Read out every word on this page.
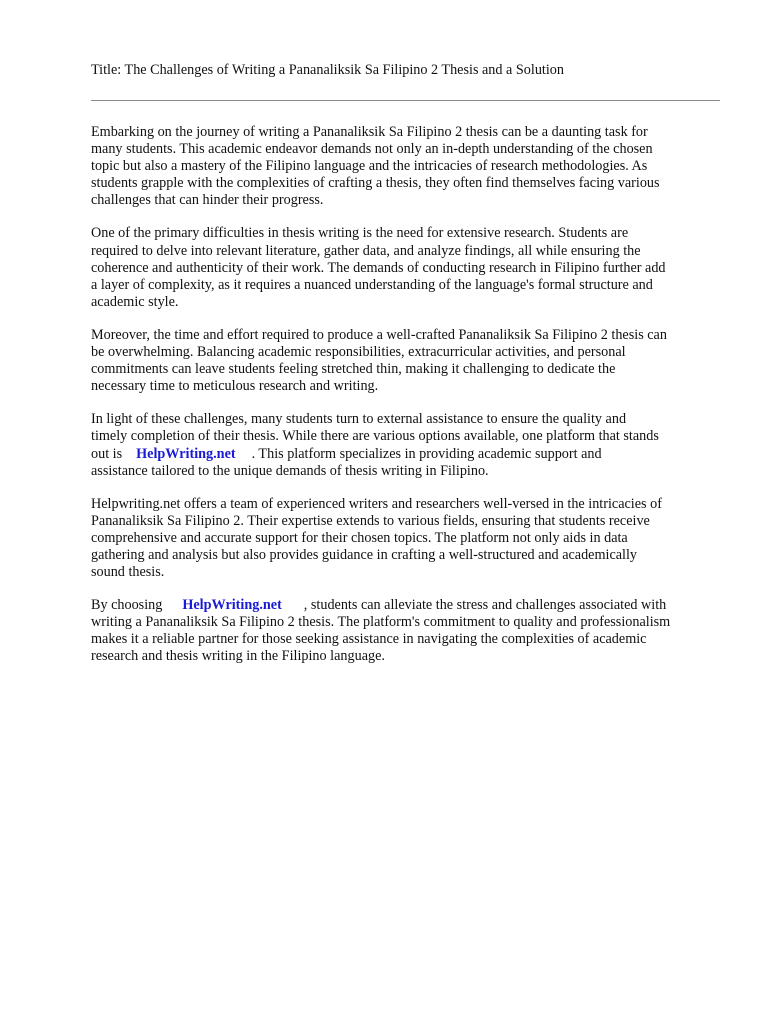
Title: The Challenges of Writing a Pananaliksik Sa Filipino 2 Thesis and a Solution

Embarking on the journey of writing a Pananaliksik Sa Filipino 2 thesis can be a daunting task for
many students. This academic endeavor demands not only an in-depth understanding of the chosen
topic but also a mastery of the Filipino language and the intricacies of research methodologies. As
students grapple with the complexities of crafting a thesis, they often find themselves facing various
challenges that can hinder their progress.

One of the primary difficulties in thesis writing is the need for extensive research. Students are
required to delve into relevant literature, gather data, and analyze findings, all while ensuring the
coherence and authenticity of their work. The demands of conducting research in Filipino further add
a layer of complexity, as it requires a nuanced understanding of the language's formal structure and
academic style.

Moreover, the time and effort required to produce a well-crafted Pananaliksik Sa Filipino 2 thesis can
be overwhelming. Balancing academic responsibilities, extracurricular activities, and personal
commitments can leave students feeling stretched thin, making it challenging to dedicate the
necessary time to meticulous research and writing.

In light of these challenges, many students turn to external assistance to ensure the quality and
timely completion of their thesis. While there are various options available, one platform that stands
out is HelpWriting.net . This platform specializes in providing academic support and
assistance tailored to the unique demands of thesis writing in Filipino.

Helpwriting.net offers a team of experienced writers and researchers well-versed in the intricacies of
Pananaliksik Sa Filipino 2. Their expertise extends to various fields, ensuring that students receive
comprehensive and accurate support for their chosen topics. The platform not only aids in data
gathering and analysis but also provides guidance in crafting a well-structured and academically
sound thesis.

By choosing HelpWriting.net , students can alleviate the stress and challenges associated with
writing a Pananaliksik Sa Filipino 2 thesis. The platform's commitment to quality and professionalism
makes it a reliable partner for those seeking assistance in navigating the complexities of academic
research and thesis writing in the Filipino language.
